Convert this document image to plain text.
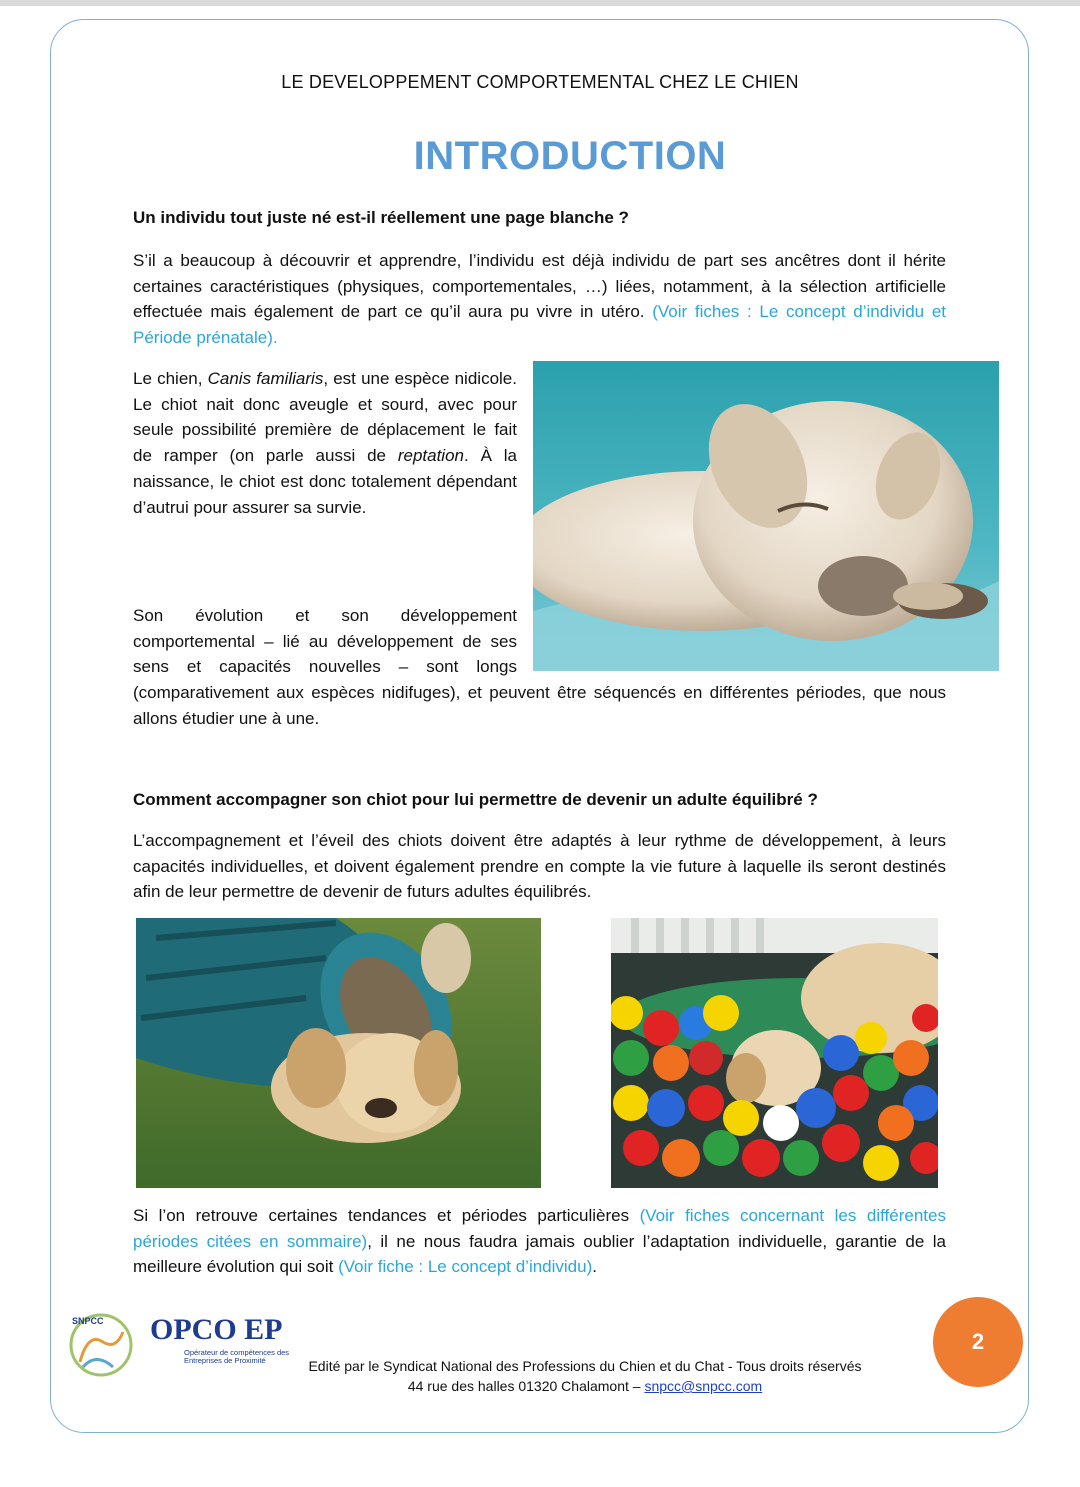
LE DEVELOPPEMENT COMPORTEMENTAL CHEZ LE CHIEN
INTRODUCTION
Un individu tout juste né est-il réellement une page blanche ?
S’il a beaucoup à découvrir et apprendre, l’individu est déjà individu de part ses ancêtres dont il hérite certaines caractéristiques (physiques, comportementales, …) liées, notamment, à la sélection artificielle effectuée mais également de part ce qu’il aura pu vivre in utéro. (Voir fiches : Le concept d’individu et Période prénatale).
Le chien, Canis familiaris, est une espèce nidicole. Le chiot nait donc aveugle et sourd, avec pour seule possibilité première de déplacement le fait de ramper (on parle aussi de reptation. À la naissance, le chiot est donc totalement dépendant d’autrui pour assurer sa survie.
Son évolution et son développement comportemental – lié au développement de ses sens et capacités nouvelles – sont longs
(comparativement aux espèces nidifuges), et peuvent être séquencés en différentes périodes, que nous allons étudier une à une.
Comment accompagner son chiot pour lui permettre de devenir un adulte équilibré ?
L’accompagnement et l’éveil des chiots doivent être adaptés à leur rythme de développement, à leurs capacités individuelles, et doivent également prendre en compte la vie future à laquelle ils seront destinés afin de leur permettre de devenir de futurs adultes équilibrés.
Si l’on retrouve certaines tendances et périodes particulières (Voir fiches concernant les différentes périodes citées en sommaire), il ne nous faudra jamais oublier l’adaptation individuelle, garantie de la meilleure évolution qui soit (Voir fiche : Le concept d’individu).
SNPCC OPCO EP
Opérateur de compétences des Entreprises de Proximité	Edité par le Syndicat National des Professions du Chien et du Chat - Tous droits réservés
44 rue des halles 01320 Chalamont – snpcc@snpcc.com
2
